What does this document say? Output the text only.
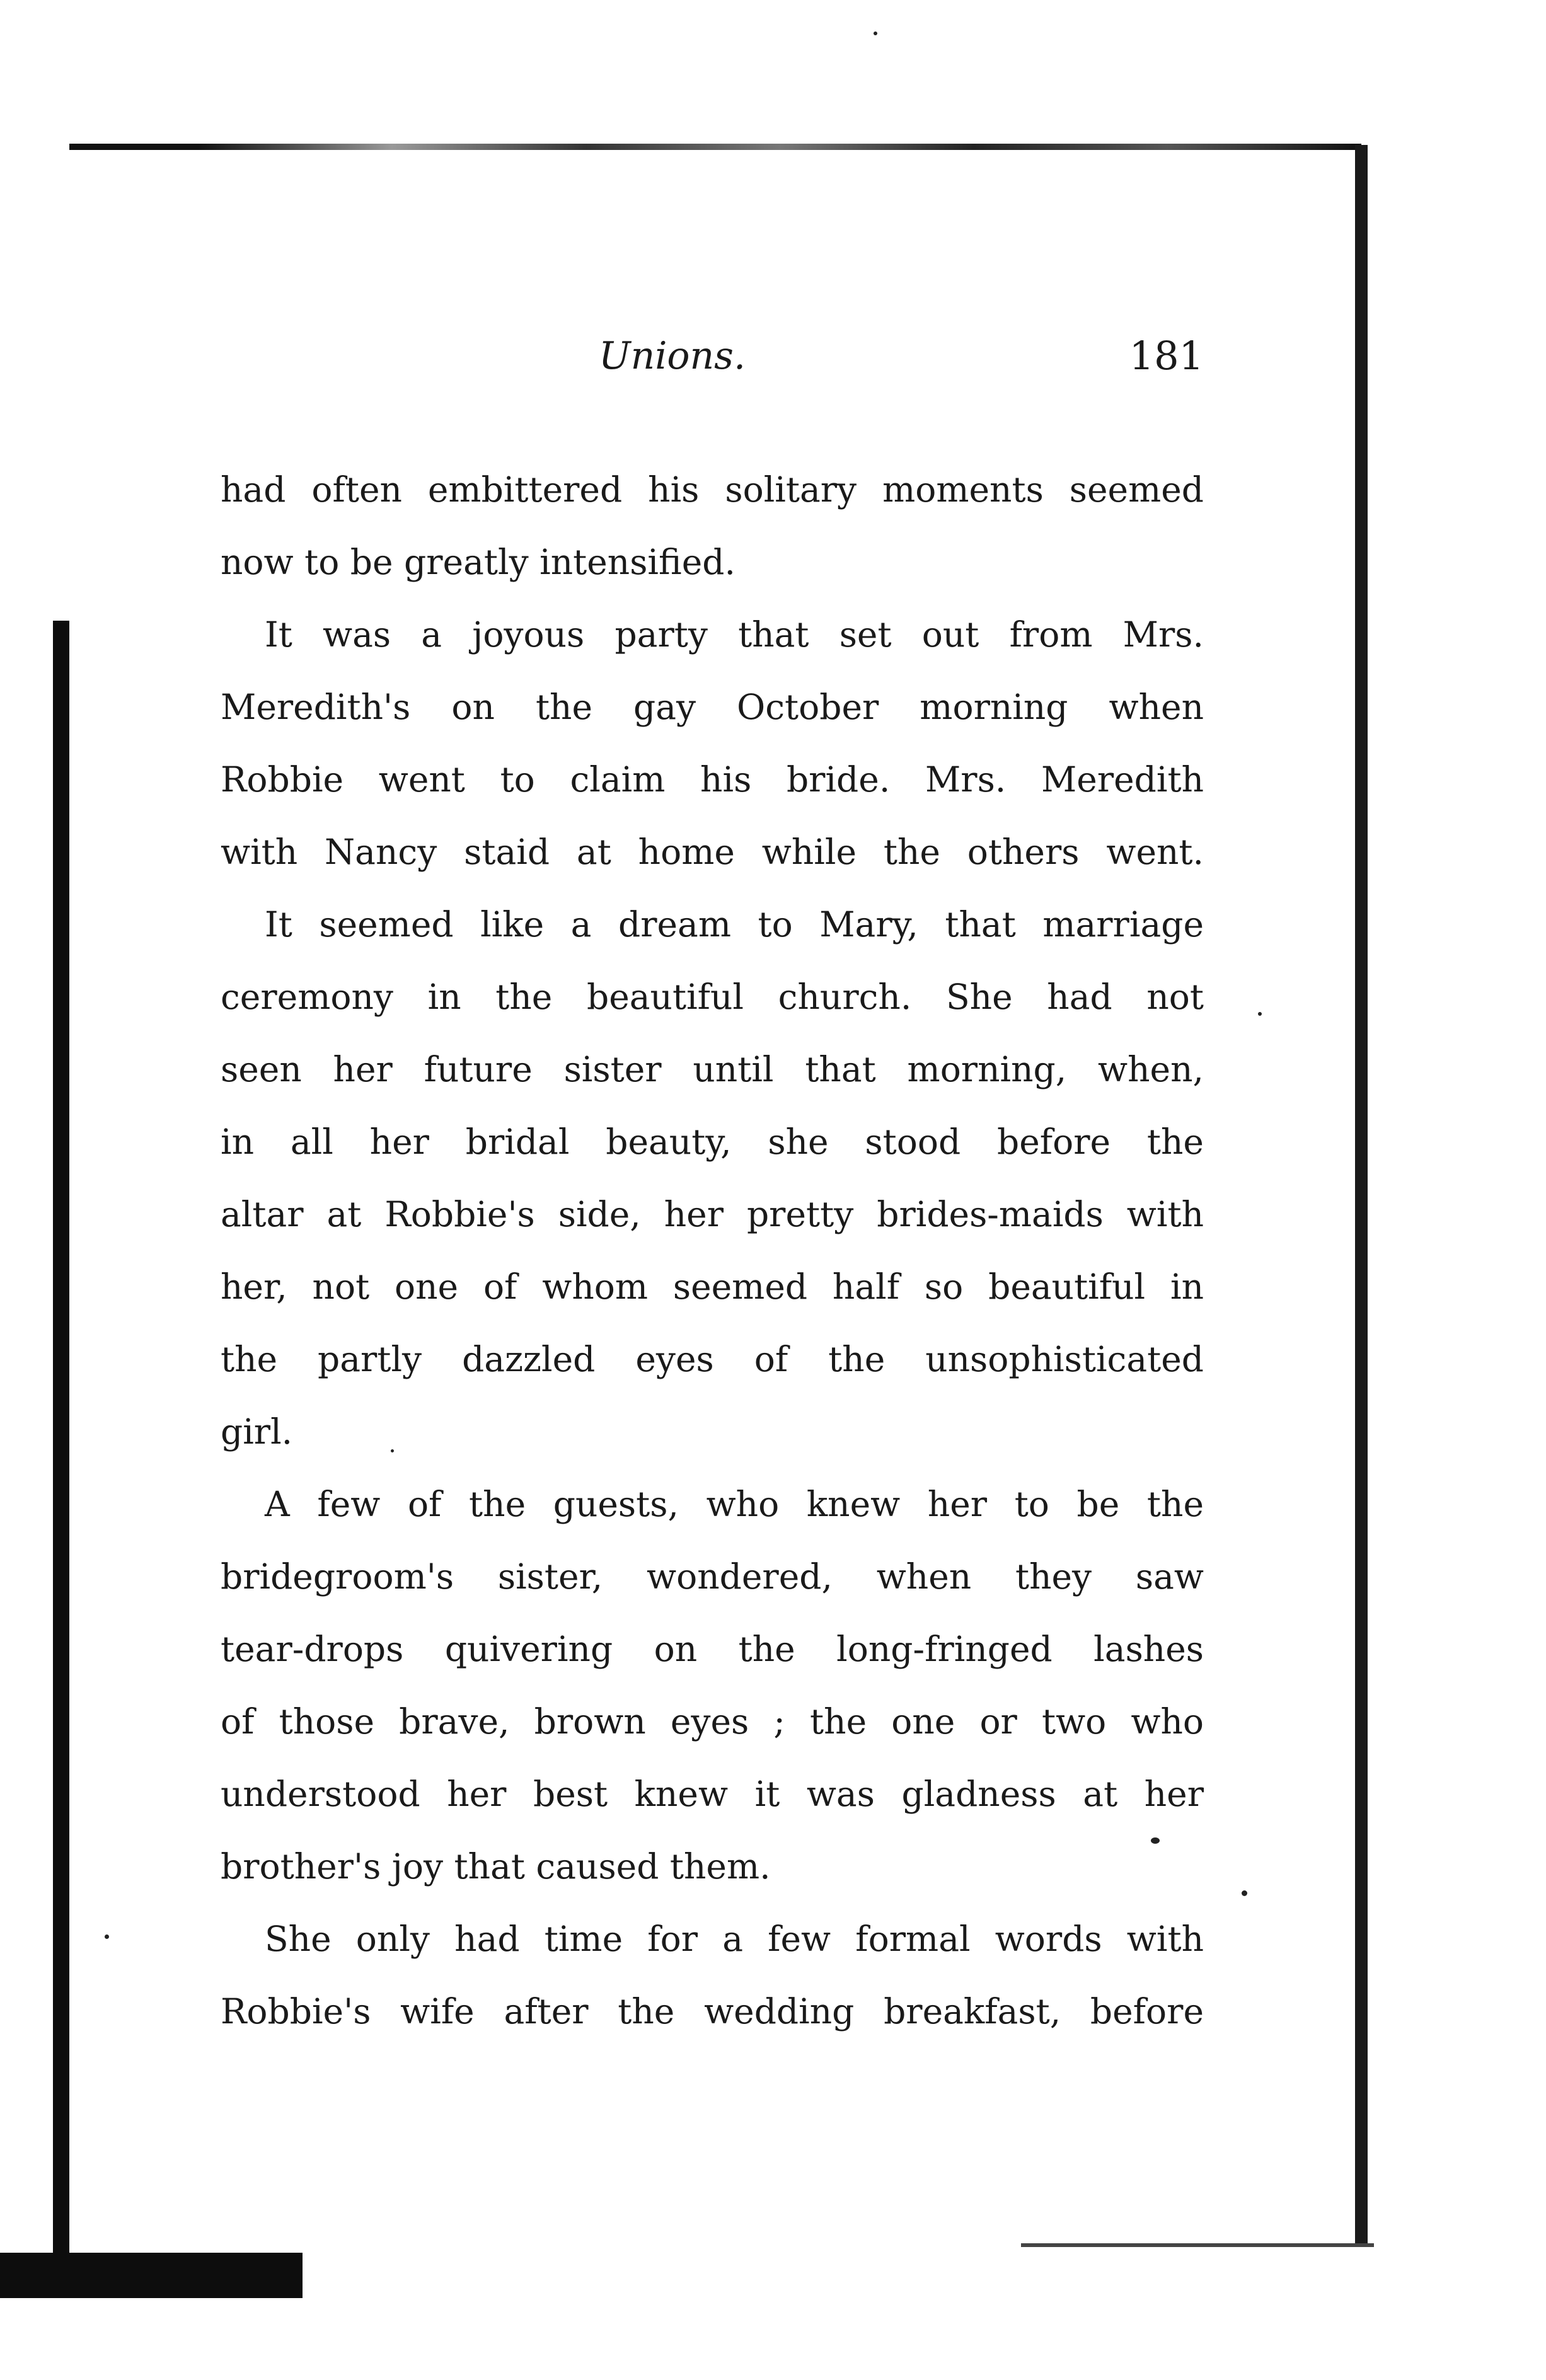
Unions.	181
had often embittered his solitary moments seemed
now to be greatly intensified.
It was a joyous party that set out from Mrs.
Meredith's on the gay October morning when
Robbie went to claim his bride. Mrs. Meredith
with Nancy staid at home while the others went.
It seemed like a dream to Mary, that marriage
ceremony in the beautiful church. She had not
seen her future sister until that morning, when,
in all her bridal beauty, she stood before the
altar at Robbie's side, her pretty brides-maids with
her, not one of whom seemed half so beautiful in
the partly dazzled eyes of the unsophisticated
girl.
A few of the guests, who knew her to be the
bridegroom's sister, wondered, when they saw
tear-drops quivering on the long-fringed lashes
of those brave, brown eyes ; the one or two who
understood her best knew it was gladness at her
brother's joy that caused them.
She only had time for a few formal words with
Robbie's wife after the wedding breakfast, before
